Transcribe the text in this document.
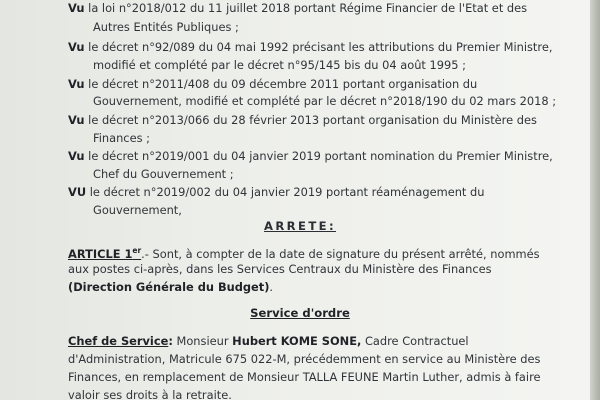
Vu la loi n°2018/012 du 11 juillet 2018 portant Régime Financier de l'Etat et des
Autres Entités Publiques ;
Vu le décret n°92/089 du 04 mai 1992 précisant les attributions du Premier Ministre,
modifié et complété par le décret n°95/145 bis du 04 août 1995 ;
Vu le décret n°2011/408 du 09 décembre 2011 portant organisation du
Gouvernement, modifié et complété par le décret n°2018/190 du 02 mars 2018 ;
Vu le décret n°2013/066 du 28 février 2013 portant organisation du Ministère des
Finances ;
Vu le décret n°2019/001 du 04 janvier 2019 portant nomination du Premier Ministre,
Chef du Gouvernement ;
VU le décret n°2019/002 du 04 janvier 2019 portant réaménagement du
Gouvernement,
ARRETE:
ARTICLE 1er.- Sont, à compter de la date de signature du présent arrêté, nommés
aux postes ci-après, dans les Services Centraux du Ministère des Finances
(Direction Générale du Budget).
Service d'ordre
Chef de Service: Monsieur Hubert KOME SONE, Cadre Contractuel
d'Administration, Matricule 675 022-M, précédemment en service au Ministère des
Finances, en remplacement de Monsieur TALLA FEUNE Martin Luther, admis à faire
valoir ses droits à la retraite.
